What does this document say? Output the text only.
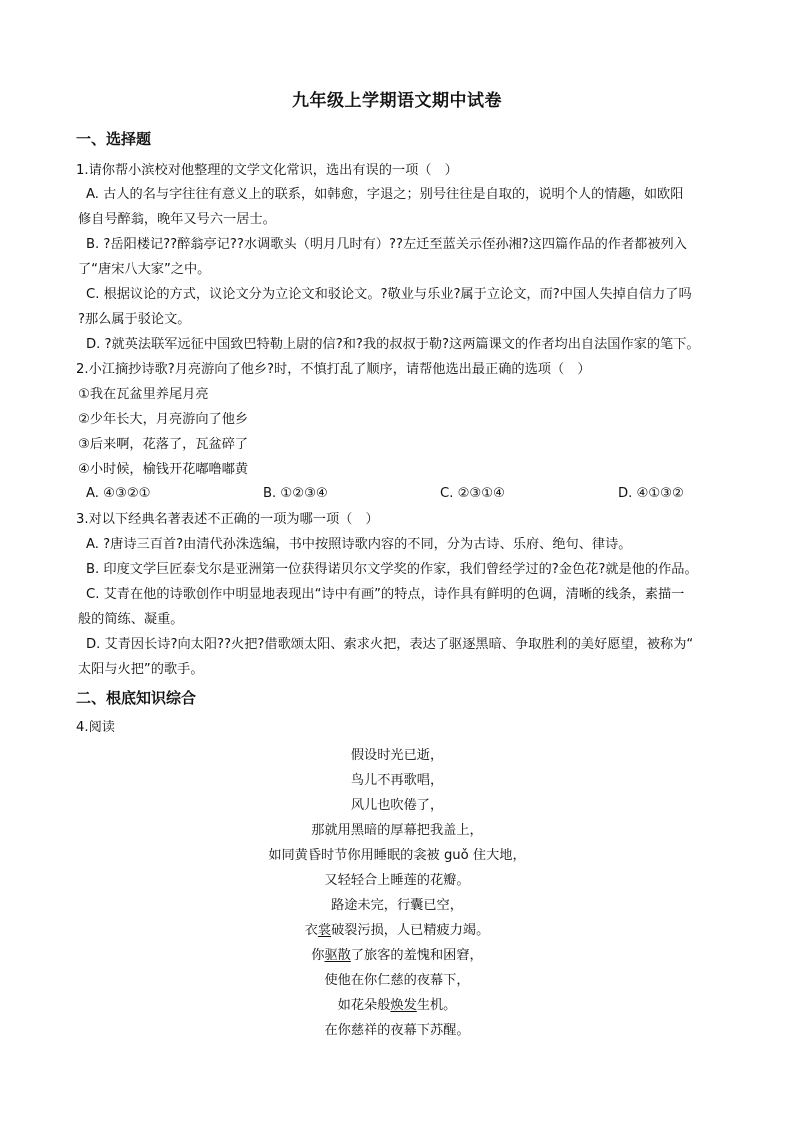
九年级上学期语文期中试卷
一、选择题
1.请你帮小滨校对他整理的文学文化常识，选出有误的一项（　）
A. 古人的名与字往往有意义上的联系，如韩愈，字退之；别号往往是自取的，说明个人的情趣，如欧阳
修自号醉翁，晚年又号六一居士。
B. ?岳阳楼记??醉翁亭记??水调歌头（明月几时有）??左迁至蓝关示侄孙湘?这四篇作品的作者都被列入
了“唐宋八大家”之中。
C. 根据议论的方式，议论文分为立论文和驳论文。?敬业与乐业?属于立论文，而?中国人失掉自信力了吗
?那么属于驳论文。
D. ?就英法联军远征中国致巴特勒上尉的信?和?我的叔叔于勒?这两篇课文的作者均出自法国作家的笔下。
2.小江摘抄诗歌?月亮游向了他乡?时，不慎打乱了顺序，请帮他选出最正确的选项（　）
①我在瓦盆里养尾月亮
②少年长大，月亮游向了他乡
③后来啊，花落了，瓦盆碎了
④小时候，榆钱开花嘟噜嘟黄
A. ④③②①	B. ①②③④	C. ②③①④	D. ④①③②
3.对以下经典名著表述不正确的一项为哪一项（　）
A. ?唐诗三百首?由清代孙洙选编，书中按照诗歌内容的不同，分为古诗、乐府、绝句、律诗。
B. 印度文学巨匠泰戈尔是亚洲第一位获得诺贝尔文学奖的作家，我们曾经学过的?金色花?就是他的作品。
C. 艾青在他的诗歌创作中明显地表现出“诗中有画”的特点，诗作具有鲜明的色调，清晰的线条，素描一
般的简练、凝重。
D. 艾青因长诗?向太阳??火把?借歌颂太阳、索求火把，表达了驱逐黑暗、争取胜利的美好愿望，被称为“
太阳与火把”的歌手。
二、根底知识综合
4.阅读
假设时光已逝，
鸟儿不再歌唱，
风儿也吹倦了，
那就用黑暗的厚幕把我盖上，
如同黄昏时节你用睡眠的衾被 guǒ 住大地，
又轻轻合上睡莲的花瓣。
路途未完，行囊已空，
衣裳破裂污损，人已精疲力竭。
你驱散了旅客的羞愧和困窘，
使他在你仁慈的夜幕下，
如花朵般焕发生机。
在你慈祥的夜幕下苏醒。
